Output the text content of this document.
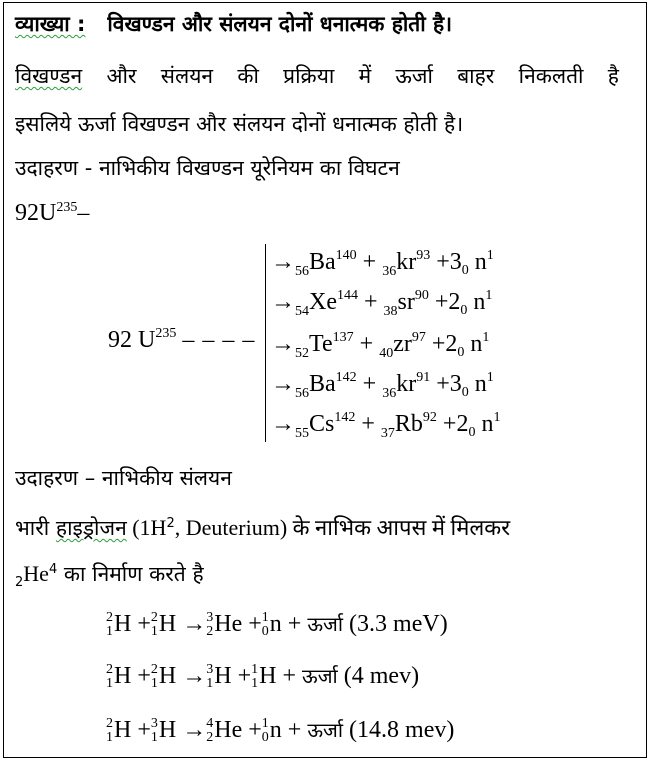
व्याख्या : विखण्डन और संलयन दोनों धनात्मक होती है।
विखण्डन और संलयन की प्रक्रिया में ऊर्जा बाहर निकलती है
इसलिये ऊर्जा विखण्डन और संलयन दोनों धनात्मक होती है।
उदाहरण - नाभिकीय विखण्डन यूरेनियम का विघटन
$92U^{235}-$
92 $U^{235}$ – – – –
$\to_{56}Ba^{140} + _{36}kr^{93} +3_0$ $n^1$
$\to_{54}Xe^{144} + _{38}sr^{90} +2_0$ $n^1$
$\to_{52}Te^{137} + _{40}zr^{97} +2_0$ $n^1$
$\to_{56}Ba^{142} + _{36}kr^{91} +3_0$ $n^1$
$\to_{55}Cs^{142} + _{37}Rb^{92} +2_0$ $n^1$
उदाहरण – नाभिकीय संलयन
भारी हाइड्रोजन ($1H^2$, Deuterium) के नाभिक आपस में मिलकर
$_2He^4$ का निर्माण करते है
2
1 H + 2
1 H → 3
2 He + 1
0 n + ऊर्जा (3.3 meV)
2
1 H + 2
1 H → 3
1 H + 1
1 H + ऊर्जा (4 mev)
2
1 H + 3
1 H → 4
2 He + 1
0 n + ऊर्जा (14.8 mev)
